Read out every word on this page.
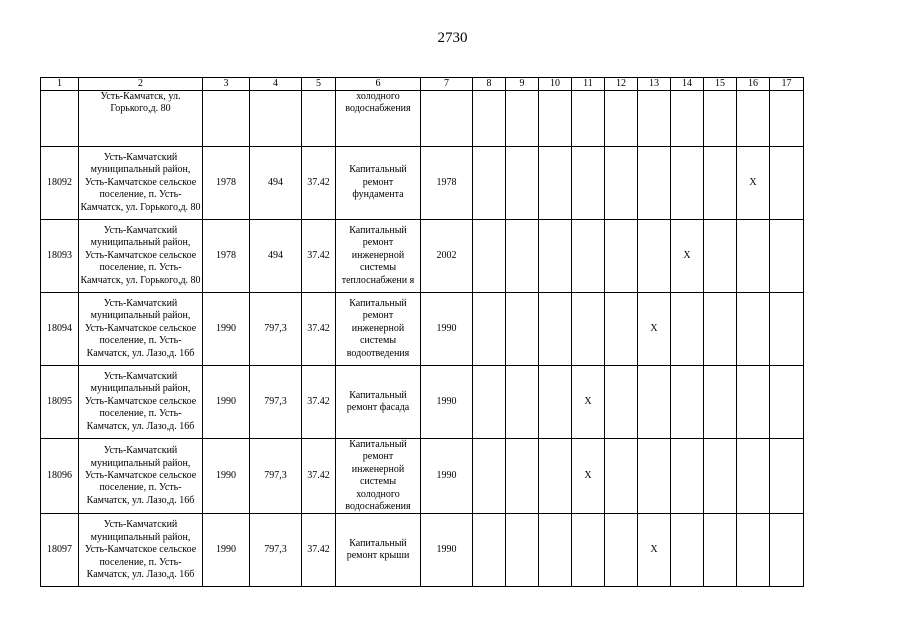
2730
1	2	3	4	5	6	7	8	9	10	11	12	13	14	15	16	17
	Усть-Камчатск, ул. Горького,д. 80				холодного водоснабжения											
18092	Усть-Камчатский муниципальный район, Усть-Камчатское сельское поселение, п. Усть-Камчатск, ул. Горького,д. 80	1978	494	37.42	Капитальный ремонт фундамента	1978									X	
18093	Усть-Камчатский муниципальный район, Усть-Камчатское сельское поселение, п. Усть-Камчатск, ул. Горького,д. 80	1978	494	37.42	Капитальный ремонт инженерной системы теплоснабжени я	2002							X			
18094	Усть-Камчатский муниципальный район, Усть-Камчатское сельское поселение, п. Усть-Камчатск, ул. Лазо,д. 16б	1990	797,3	37.42	Капитальный ремонт инженерной системы водоотведения	1990						X				
18095	Усть-Камчатский муниципальный район, Усть-Камчатское сельское поселение, п. Усть-Камчатск, ул. Лазо,д. 16б	1990	797,3	37.42	Капитальный ремонт фасада	1990				X						
18096	Усть-Камчатский муниципальный район, Усть-Камчатское сельское поселение, п. Усть-Камчатск, ул. Лазо,д. 16б	1990	797,3	37.42	Капитальный ремонт инженерной системы холодного водоснабжения	1990				X						
18097	Усть-Камчатский муниципальный район, Усть-Камчатское сельское поселение, п. Усть-Камчатск, ул. Лазо,д. 16б	1990	797,3	37.42	Капитальный ремонт крыши	1990						X				
